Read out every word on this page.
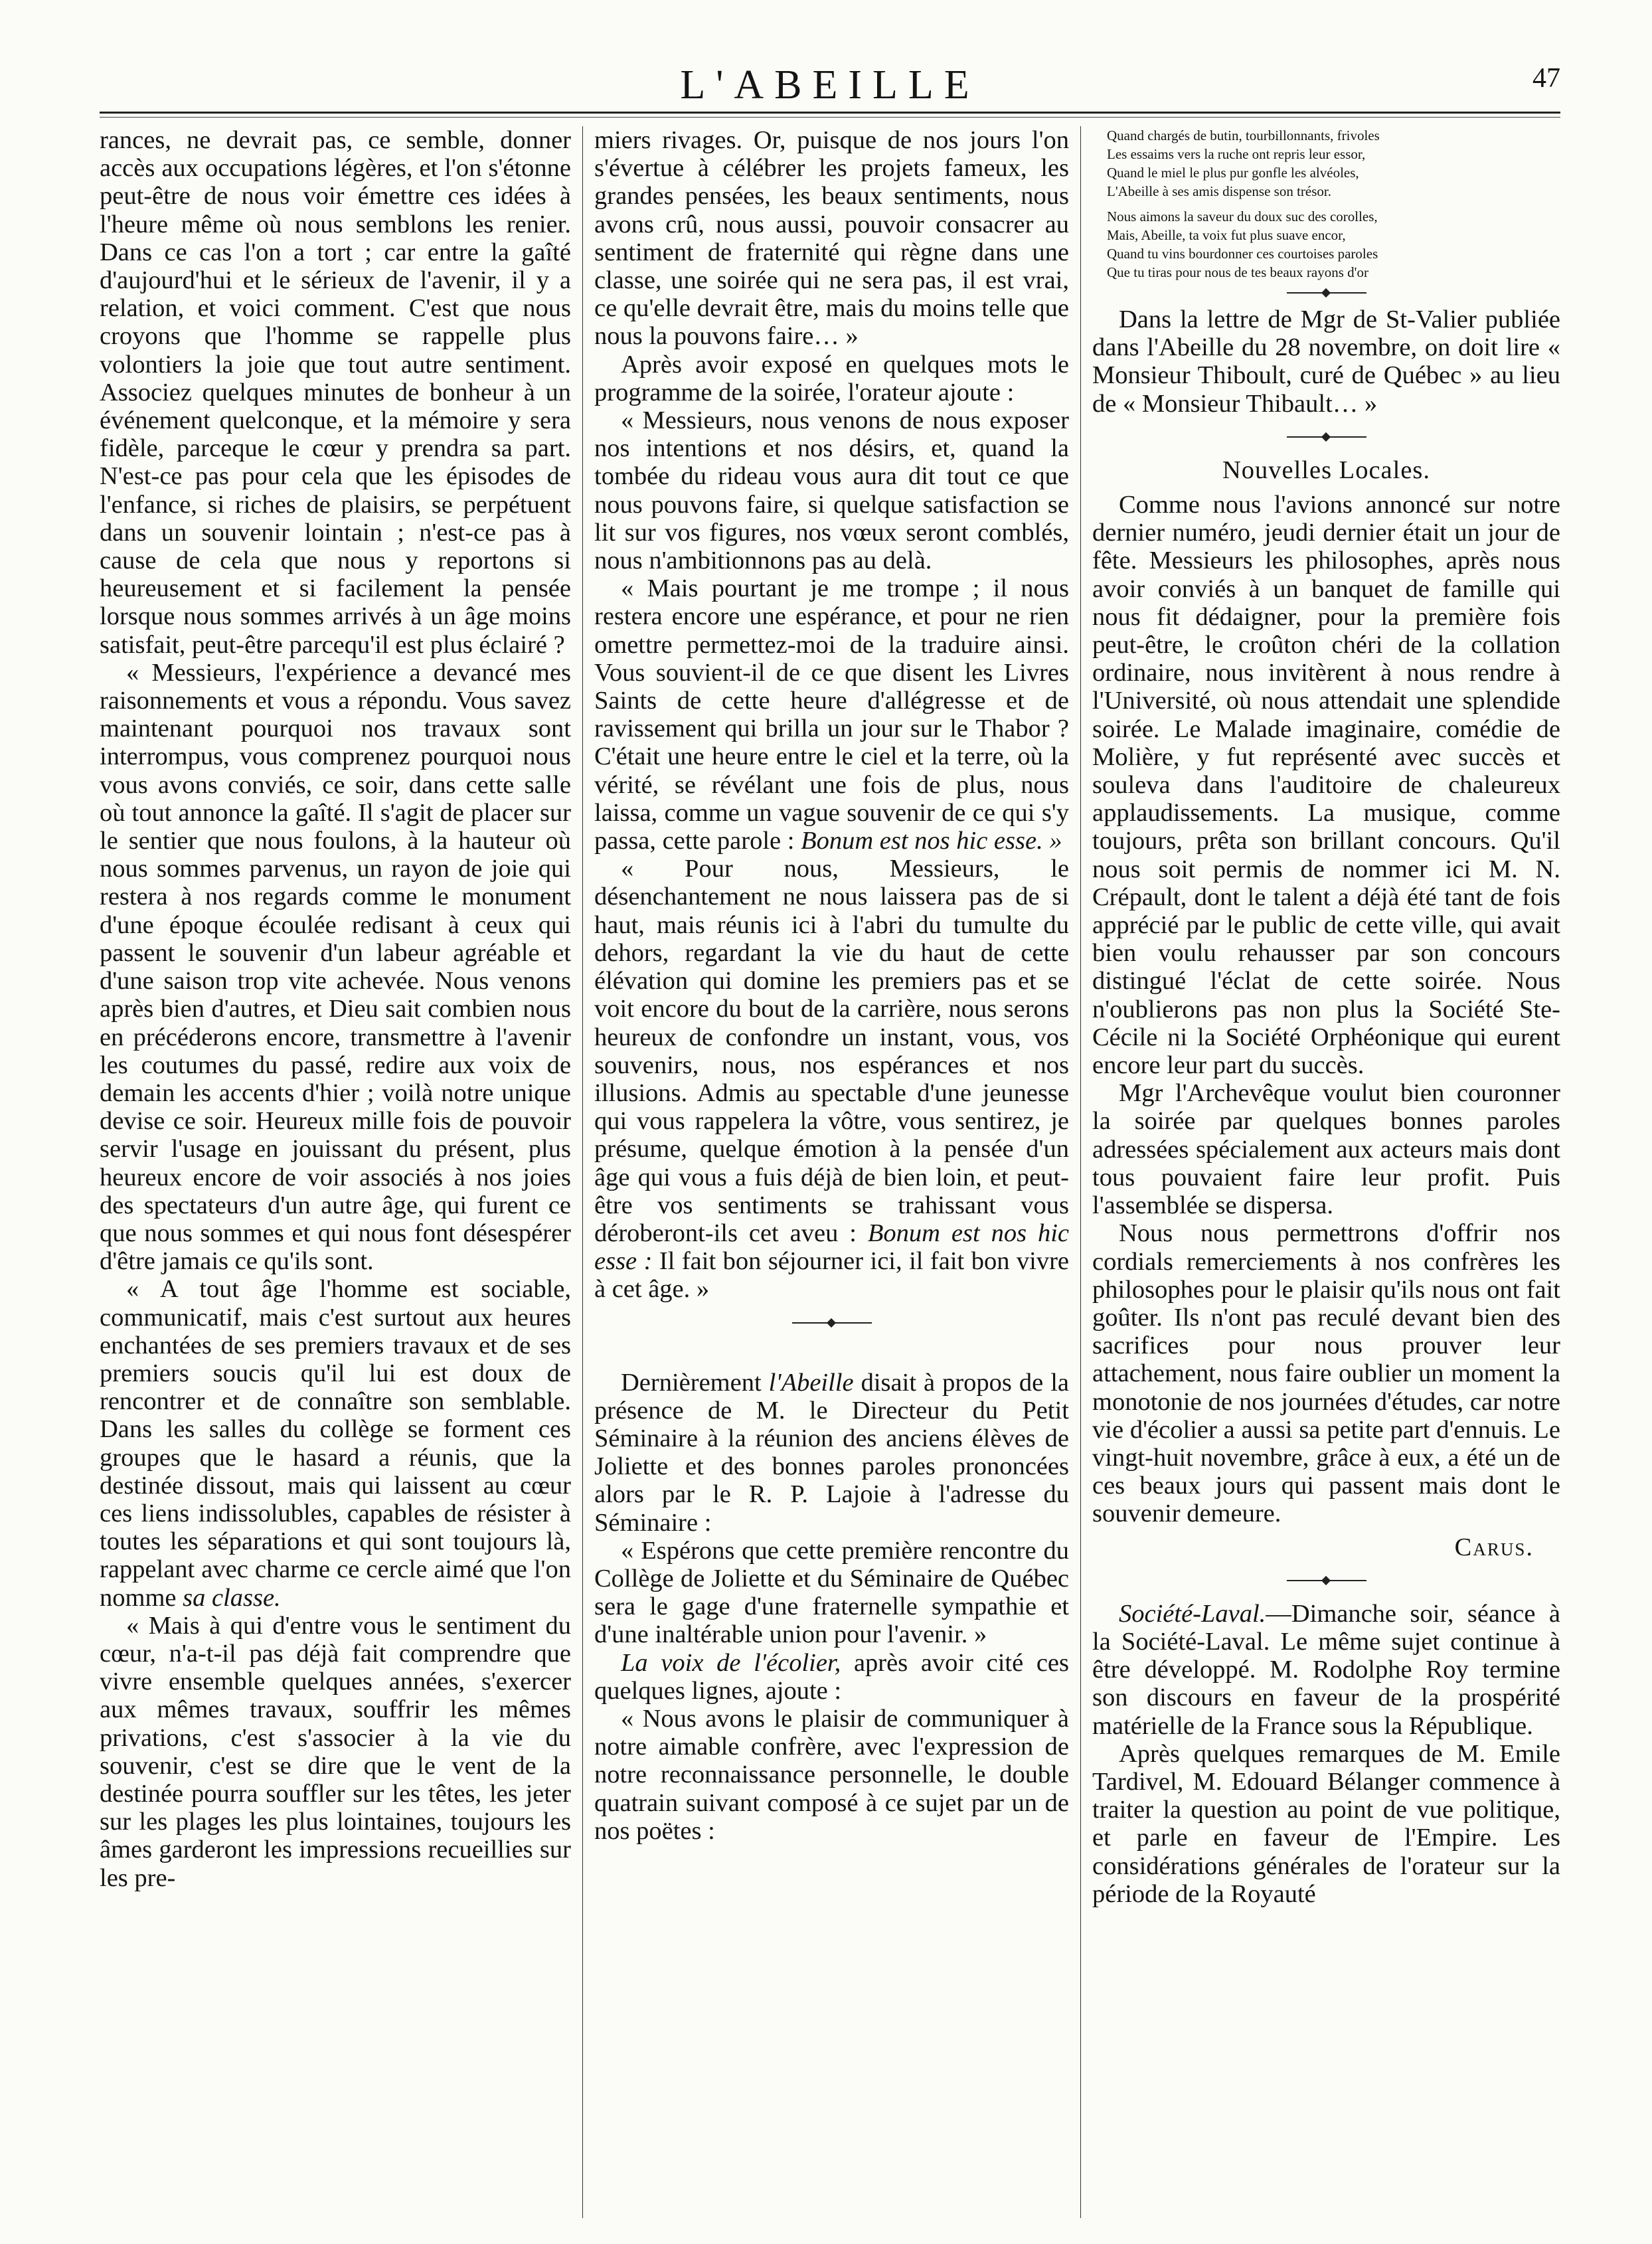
L'ABEILLE	47

rances, ne devrait pas, ce semble, donner accès aux occupations légères, et l'on s'étonne peut-être de nous voir émettre ces idées à l'heure même où nous semblons les renier. Dans ce cas l'on a tort ; car entre la gaîté d'aujourd'hui et le sérieux de l'avenir, il y a relation, et voici comment. C'est que nous croyons que l'homme se rappelle plus volontiers la joie que tout autre sentiment. Associez quelques minutes de bonheur à un événement quelconque, et la mémoire y sera fidèle, parceque le cœur y prendra sa part. N'est-ce pas pour cela que les épisodes de l'enfance, si riches de plaisirs, se perpétuent dans un souvenir lointain ; n'est-ce pas à cause de cela que nous y reportons si heureusement et si facilement la pensée lorsque nous sommes arrivés à un âge moins satisfait, peut-être parcequ'il est plus éclairé ?

« Messieurs, l'expérience a devancé mes raisonnements et vous a répondu. Vous savez maintenant pourquoi nos travaux sont interrompus, vous comprenez pourquoi nous vous avons conviés, ce soir, dans cette salle où tout annonce la gaîté. Il s'agit de placer sur le sentier que nous foulons, à la hauteur où nous sommes parvenus, un rayon de joie qui restera à nos regards comme le monument d'une époque écoulée redisant à ceux qui passent le souvenir d'un labeur agréable et d'une saison trop vite achevée. Nous venons après bien d'autres, et Dieu sait combien nous en précéderons encore, transmettre à l'avenir les coutumes du passé, redire aux voix de demain les accents d'hier ; voilà notre unique devise ce soir. Heureux mille fois de pouvoir servir l'usage en jouissant du présent, plus heureux encore de voir associés à nos joies des spectateurs d'un autre âge, qui furent ce que nous sommes et qui nous font désespérer d'être jamais ce qu'ils sont.

« A tout âge l'homme est sociable, communicatif, mais c'est surtout aux heures enchantées de ses premiers travaux et de ses premiers soucis qu'il lui est doux de rencontrer et de connaître son semblable. Dans les salles du collège se forment ces groupes que le hasard a réunis, que la destinée dissout, mais qui laissent au cœur ces liens indissolubles, capables de résister à toutes les séparations et qui sont toujours là, rappelant avec charme ce cercle aimé que l'on nomme sa classe.

« Mais à qui d'entre vous le sentiment du cœur, n'a-t-il pas déjà fait comprendre que vivre ensemble quelques années, s'exercer aux mêmes travaux, souffrir les mêmes privations, c'est s'associer à la vie du souvenir, c'est se dire que le vent de la destinée pourra souffler sur les têtes, les jeter sur les plages les plus lointaines, toujours les âmes garderont les impressions recueillies sur les pre-

miers rivages. Or, puisque de nos jours l'on s'évertue à célébrer les projets fameux, les grandes pensées, les beaux sentiments, nous avons crû, nous aussi, pouvoir consacrer au sentiment de fraternité qui règne dans une classe, une soirée qui ne sera pas, il est vrai, ce qu'elle devrait être, mais du moins telle que nous la pouvons faire… »

Après avoir exposé en quelques mots le programme de la soirée, l'orateur ajoute :

« Messieurs, nous venons de nous exposer nos intentions et nos désirs, et, quand la tombée du rideau vous aura dit tout ce que nous pouvons faire, si quelque satisfaction se lit sur vos figures, nos vœux seront comblés, nous n'ambitionnons pas au delà.

« Mais pourtant je me trompe ; il nous restera encore une espérance, et pour ne rien omettre permettez-moi de la traduire ainsi. Vous souvient-il de ce que disent les Livres Saints de cette heure d'allégresse et de ravissement qui brilla un jour sur le Thabor ? C'était une heure entre le ciel et la terre, où la vérité, se révélant une fois de plus, nous laissa, comme un vague souvenir de ce qui s'y passa, cette parole : Bonum est nos hic esse. »

« Pour nous, Messieurs, le désenchantement ne nous laissera pas de si haut, mais réunis ici à l'abri du tumulte du dehors, regardant la vie du haut de cette élévation qui domine les premiers pas et se voit encore du bout de la carrière, nous serons heureux de confondre un instant, vous, vos souvenirs, nous, nos espérances et nos illusions. Admis au spectable d'une jeunesse qui vous rappelera la vôtre, vous sentirez, je présume, quelque émotion à la pensée d'un âge qui vous a fuis déjà de bien loin, et peut-être vos sentiments se trahissant vous déroberont-ils cet aveu : Bonum est nos hic esse : Il fait bon séjourner ici, il fait bon vivre à cet âge. »

Dernièrement l'Abeille disait à propos de la présence de M. le Directeur du Petit Séminaire à la réunion des anciens élèves de Joliette et des bonnes paroles prononcées alors par le R. P. Lajoie à l'adresse du Séminaire :

« Espérons que cette première rencontre du Collège de Joliette et du Séminaire de Québec sera le gage d'une fraternelle sympathie et d'une inaltérable union pour l'avenir. »

La voix de l'écolier, après avoir cité ces quelques lignes, ajoute :

« Nous avons le plaisir de communiquer à notre aimable confrère, avec l'expression de notre reconnaissance personnelle, le double quatrain suivant composé à ce sujet par un de nos poëtes :

Quand chargés de butin, tourbillonnants, frivoles
Les essaims vers la ruche ont repris leur essor,
Quand le miel le plus pur gonfle les alvéoles,
L'Abeille à ses amis dispense son trésor.
Nous aimons la saveur du doux suc des corolles,
Mais, Abeille, ta voix fut plus suave encor,
Quand tu vins bourdonner ces courtoises paroles
Que tu tiras pour nous de tes beaux rayons d'or

Dans la lettre de Mgr de St-Valier publiée dans l'Abeille du 28 novembre, on doit lire « Monsieur Thiboult, curé de Québec » au lieu de « Monsieur Thibault… »

Nouvelles Locales.

Comme nous l'avions annoncé sur notre dernier numéro, jeudi dernier était un jour de fête. Messieurs les philosophes, après nous avoir conviés à un banquet de famille qui nous fit dédaigner, pour la première fois peut-être, le croûton chéri de la collation ordinaire, nous invitèrent à nous rendre à l'Université, où nous attendait une splendide soirée. Le Malade imaginaire, comédie de Molière, y fut représenté avec succès et souleva dans l'auditoire de chaleureux applaudissements. La musique, comme toujours, prêta son brillant concours. Qu'il nous soit permis de nommer ici M. N. Crépault, dont le talent a déjà été tant de fois apprécié par le public de cette ville, qui avait bien voulu rehausser par son concours distingué l'éclat de cette soirée. Nous n'oublierons pas non plus la Société Ste-Cécile ni la Société Orphéonique qui eurent encore leur part du succès.

Mgr l'Archevêque voulut bien couronner la soirée par quelques bonnes paroles adressées spécialement aux acteurs mais dont tous pouvaient faire leur profit. Puis l'assemblée se dispersa.

Nous nous permettrons d'offrir nos cordials remerciements à nos confrères les philosophes pour le plaisir qu'ils nous ont fait goûter. Ils n'ont pas reculé devant bien des sacrifices pour nous prouver leur attachement, nous faire oublier un moment la monotonie de nos journées d'études, car notre vie d'écolier a aussi sa petite part d'ennuis. Le vingt-huit novembre, grâce à eux, a été un de ces beaux jours qui passent mais dont le souvenir demeure.

Carus.

Société-Laval.—Dimanche soir, séance à la Société-Laval. Le même sujet continue à être développé. M. Rodolphe Roy termine son discours en faveur de la prospérité matérielle de la France sous la République.

Après quelques remarques de M. Emile Tardivel, M. Edouard Bélanger commence à traiter la question au point de vue politique, et parle en faveur de l'Empire. Les considérations générales de l'orateur sur la période de la Royauté
